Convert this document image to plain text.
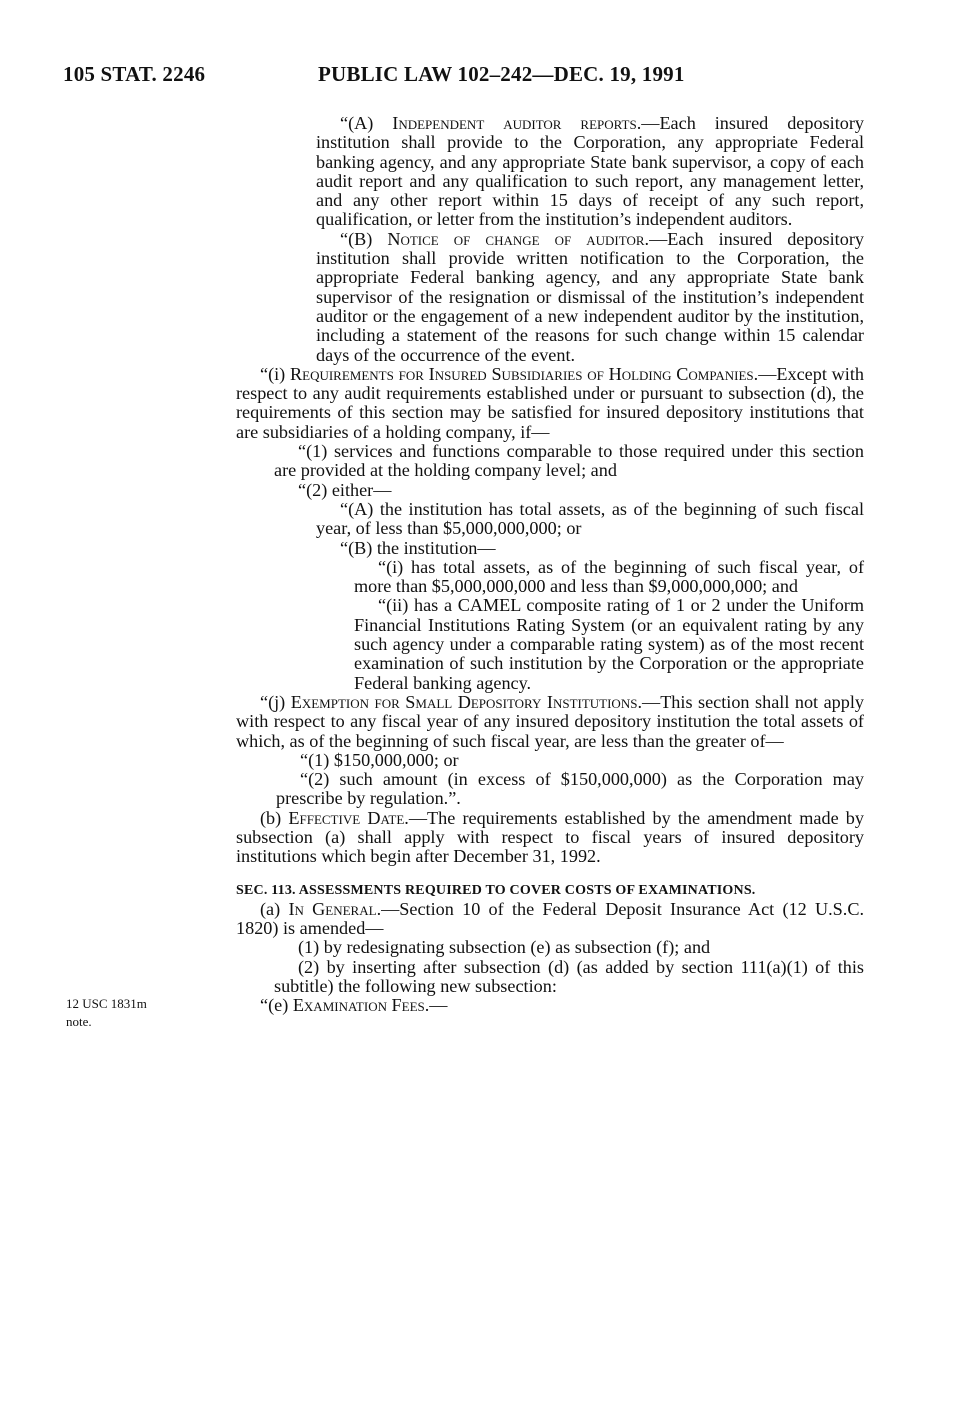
105 STAT. 2246	PUBLIC LAW 102–242—DEC. 19, 1991
12 USC 1831m
note.

“(A) Independent auditor reports.—Each insured depository institution shall provide to the Corporation, any appropriate Federal banking agency, and any appropriate State bank supervisor, a copy of each audit report and any qualification to such report, any management letter, and any other report within 15 days of receipt of any such report, qualification, or letter from the institution’s independent auditors.

“(B) Notice of change of auditor.—Each insured depository institution shall provide written notification to the Corporation, the appropriate Federal banking agency, and any appropriate State bank supervisor of the resignation or dismissal of the institution’s independent auditor or the engagement of a new independent auditor by the institution, including a statement of the reasons for such change within 15 calendar days of the occurrence of the event.

“(i) Requirements for Insured Subsidiaries of Holding Companies.—Except with respect to any audit requirements established under or pursuant to subsection (d), the requirements of this section may be satisfied for insured depository institutions that are subsidiaries of a holding company, if—

“(1) services and functions comparable to those required under this section are provided at the holding company level; and

“(2) either—

“(A) the institution has total assets, as of the beginning of such fiscal year, of less than $5,000,000,000; or

“(B) the institution—

“(i) has total assets, as of the beginning of such fiscal year, of more than $5,000,000,000 and less than $9,000,000,000; and

“(ii) has a CAMEL composite rating of 1 or 2 under the Uniform Financial Institutions Rating System (or an equivalent rating by any such agency under a comparable rating system) as of the most recent examination of such institution by the Corporation or the appropriate Federal banking agency.

“(j) Exemption for Small Depository Institutions.—This section shall not apply with respect to any fiscal year of any insured depository institution the total assets of which, as of the beginning of such fiscal year, are less than the greater of—

“(1) $150,000,000; or

“(2) such amount (in excess of $150,000,000) as the Corporation may prescribe by regulation.”.

(b) Effective Date.—The requirements established by the amendment made by subsection (a) shall apply with respect to fiscal years of insured depository institutions which begin after December 31, 1992.

SEC. 113. ASSESSMENTS REQUIRED TO COVER COSTS OF EXAMINATIONS.

(a) In General.—Section 10 of the Federal Deposit Insurance Act (12 U.S.C. 1820) is amended—

(1) by redesignating subsection (e) as subsection (f); and

(2) by inserting after subsection (d) (as added by section 111(a)(1) of this subtitle) the following new subsection:

“(e) Examination Fees.—
